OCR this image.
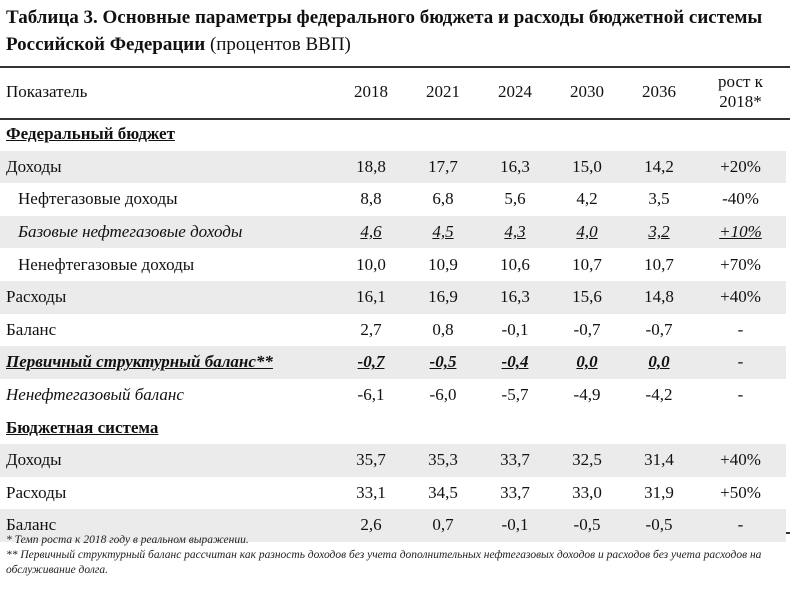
Таблица 3. Основные параметры федерального бюджета и расходы бюджетной системы Российской Федерации (процентов ВВП)
Показатель	2018	2021	2024	2030	2036	рост к
2018*
Федеральный бюджет						
Доходы	18,8	17,7	16,3	15,0	14,2	+20%
Нефтегазовые доходы	8,8	6,8	5,6	4,2	3,5	-40%
Базовые нефтегазовые доходы	4,6	4,5	4,3	4,0	3,2	+10%
Ненефтегазовые доходы	10,0	10,9	10,6	10,7	10,7	+70%
Расходы	16,1	16,9	16,3	15,6	14,8	+40%
Баланс	2,7	0,8	-0,1	-0,7	-0,7	-
Первичный структурный баланс**	-0,7	-0,5	-0,4	0,0	0,0	-
Ненефтегазовый баланс	-6,1	-6,0	-5,7	-4,9	-4,2	-
Бюджетная система						
Доходы	35,7	35,3	33,7	32,5	31,4	+40%
Расходы	33,1	34,5	33,7	33,0	31,9	+50%
Баланс	2,6	0,7	-0,1	-0,5	-0,5	-

* Темп роста к 2018 году в реальном выражении.

** Первичный структурный баланс рассчитан как разность доходов без учета дополнительных нефтегазовых доходов и расходов без учета расходов на обслуживание долга.
